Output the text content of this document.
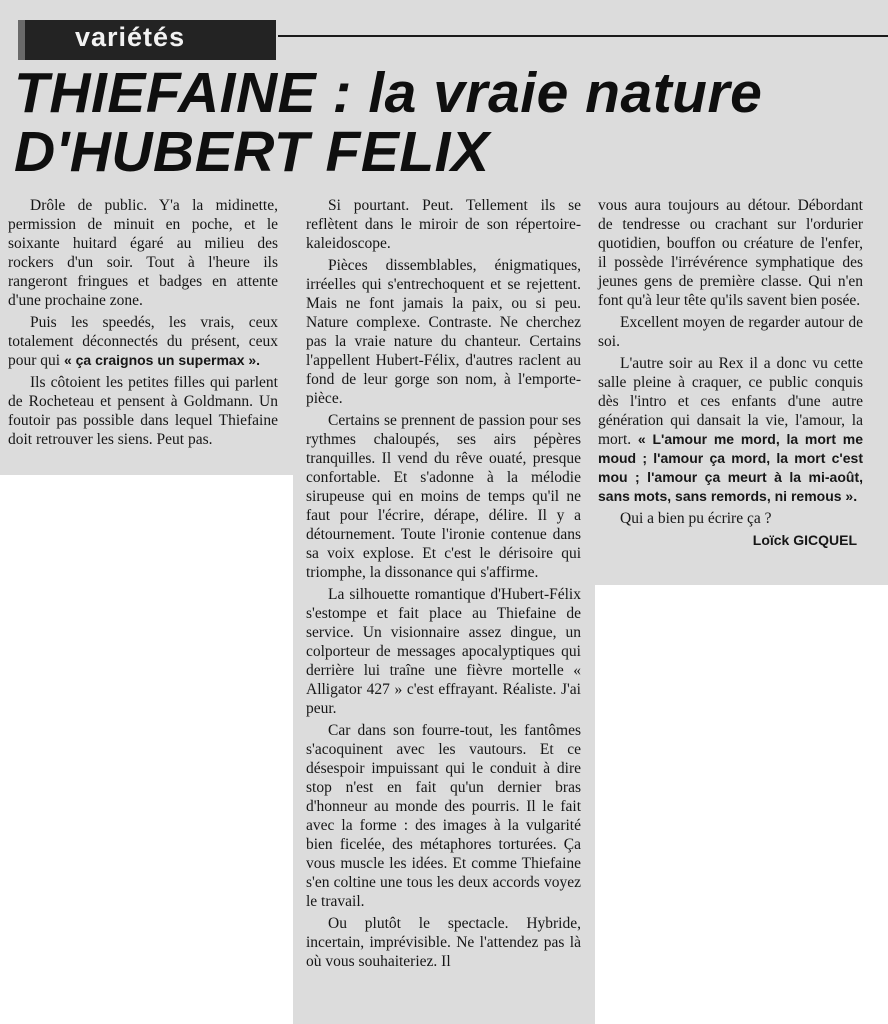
variétés
THIEFAINE : la vraie nature
D'HUBERT FELIX

Drôle de public. Y'a la midinette, permission de minuit en poche, et le soixante huitard égaré au milieu des rockers d'un soir. Tout à l'heure ils rangeront fringues et badges en attente d'une prochaine zone.

Puis les speedés, les vrais, ceux totalement déconnectés du présent, ceux pour qui « ça craignos un supermax ».

Ils côtoient les petites filles qui parlent de Rocheteau et pensent à Goldmann. Un foutoir pas possible dans lequel Thiefaine doit retrouver les siens. Peut pas.

Si pourtant. Peut. Tellement ils se reflètent dans le miroir de son répertoire-kaleidoscope.

Pièces dissemblables, énigmatiques, irréelles qui s'entrechoquent et se rejettent. Mais ne font jamais la paix, ou si peu. Nature complexe. Contraste. Ne cherchez pas la vraie nature du chanteur. Certains l'appellent Hubert-Félix, d'autres raclent au fond de leur gorge son nom, à l'emporte-pièce.

Certains se prennent de passion pour ses rythmes chaloupés, ses airs pépères tranquilles. Il vend du rêve ouaté, presque confortable. Et s'adonne à la mélodie sirupeuse qui en moins de temps qu'il ne faut pour l'écrire, dérape, délire. Il y a détournement. Toute l'ironie contenue dans sa voix explose. Et c'est le dérisoire qui triomphe, la dissonance qui s'affirme.

La silhouette romantique d'Hubert-Félix s'estompe et fait place au Thiefaine de service. Un visionnaire assez dingue, un colporteur de messages apocalyptiques qui derrière lui traîne une fièvre mortelle « Alligator 427 » c'est effrayant. Réaliste. J'ai peur.

Car dans son fourre-tout, les fantômes s'acoquinent avec les vautours. Et ce désespoir impuissant qui le conduit à dire stop n'est en fait qu'un dernier bras d'honneur au monde des pourris. Il le fait avec la forme : des images à la vulgarité bien ficelée, des métaphores torturées. Ça vous muscle les idées. Et comme Thiefaine s'en coltine une tous les deux accords voyez le travail.

Ou plutôt le spectacle. Hybride, incertain, imprévisible. Ne l'attendez pas là où vous souhaiteriez. Il

vous aura toujours au détour. Débordant de tendresse ou crachant sur l'ordurier quotidien, bouffon ou créature de l'enfer, il possède l'irrévérence symphatique des jeunes gens de première classe. Qui n'en font qu'à leur tête qu'ils savent bien posée.

Excellent moyen de regarder autour de soi.

L'autre soir au Rex il a donc vu cette salle pleine à craquer, ce public conquis dès l'intro et ces enfants d'une autre génération qui dansait la vie, l'amour, la mort. « L'amour me mord, la mort me moud ; l'amour ça mord, la mort c'est mou ; l'amour ça meurt à la mi-août, sans mots, sans remords, ni remous ».

Qui a bien pu écrire ça ?

Loïck GICQUEL
